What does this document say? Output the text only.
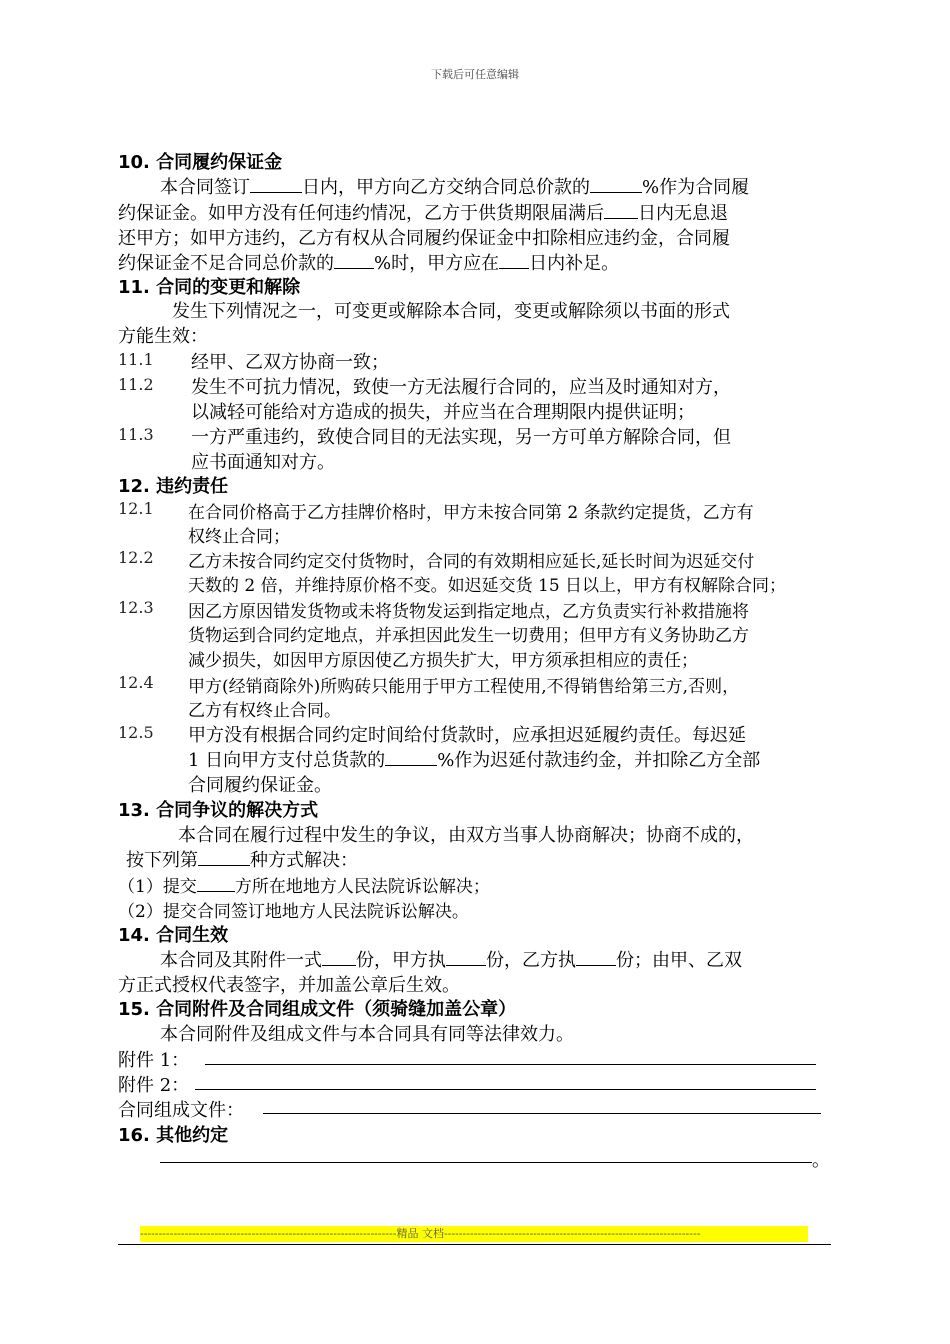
下载后可任意编辑
10. 合同履约保证金
本合同签订	日内，甲方向乙方交纳合同总价款的	%作为合同履
约保证金。如甲方没有任何违约情况，乙方于供货期限届满后 日内无息退
还甲方；如甲方违约，乙方有权从合同履约保证金中扣除相应违约金，合同履
约保证金不足合同总价款的 %时，甲方应在 日内补足。
11. 合同的变更和解除
发生下列情况之一，可变更或解除本合同，变更或解除须以书面的形式
方能生效：
11.1 经甲、乙双方协商一致；
11.2 发生不可抗力情况，致使一方无法履行合同的，应当及时通知对方，
以减轻可能给对方造成的损失，并应当在合理期限内提供证明；
11.3 一方严重违约，致使合同目的无法实现，另一方可单方解除合同，但
应书面通知对方。
12. 违约责任
12.1 在合同价格高于乙方挂牌价格时，甲方未按合同第 2 条款约定提货，乙方有
权终止合同；
12.2 乙方未按合同约定交付货物时，合同的有效期相应延长,延长时间为迟延交付
天数的 2 倍，并维持原价格不变。如迟延交货 15 日以上，甲方有权解除合同；
12.3 因乙方原因错发货物或未将货物发运到指定地点，乙方负责实行补救措施将
货物运到合同约定地点，并承担因此发生一切费用；但甲方有义务协助乙方
减少损失，如因甲方原因使乙方损失扩大，甲方须承担相应的责任；
12.4 甲方(经销商除外)所购砖只能用于甲方工程使用,不得销售给第三方,否则，
乙方有权终止合同。
12.5 甲方没有根据合同约定时间给付货款时，应承担迟延履约责任。每迟延
1 日向甲方支付总货款的	%作为迟延付款违约金，并扣除乙方全部
合同履约保证金。
13. 合同争议的解决方式
本合同在履行过程中发生的争议，由双方当事人协商解决；协商不成的，
按下列第	种方式解决：
（1）提交 方所在地地方人民法院诉讼解决；
（2）提交合同签订地地方人民法院诉讼解决。
14. 合同生效
本合同及其附件一式 份，甲方执 份，乙方执 份；由甲、乙双
方正式授权代表签字，并加盖公章后生效。
15. 合同附件及合同组成文件（须骑缝加盖公章）
本合同附件及组成文件与本合同具有同等法律效力。
附件 1：
附件 2：
合同组成文件：
16. 其他约定
。
---------------------------------------------------------------------精品 文档---------------------------------------------------------------------
